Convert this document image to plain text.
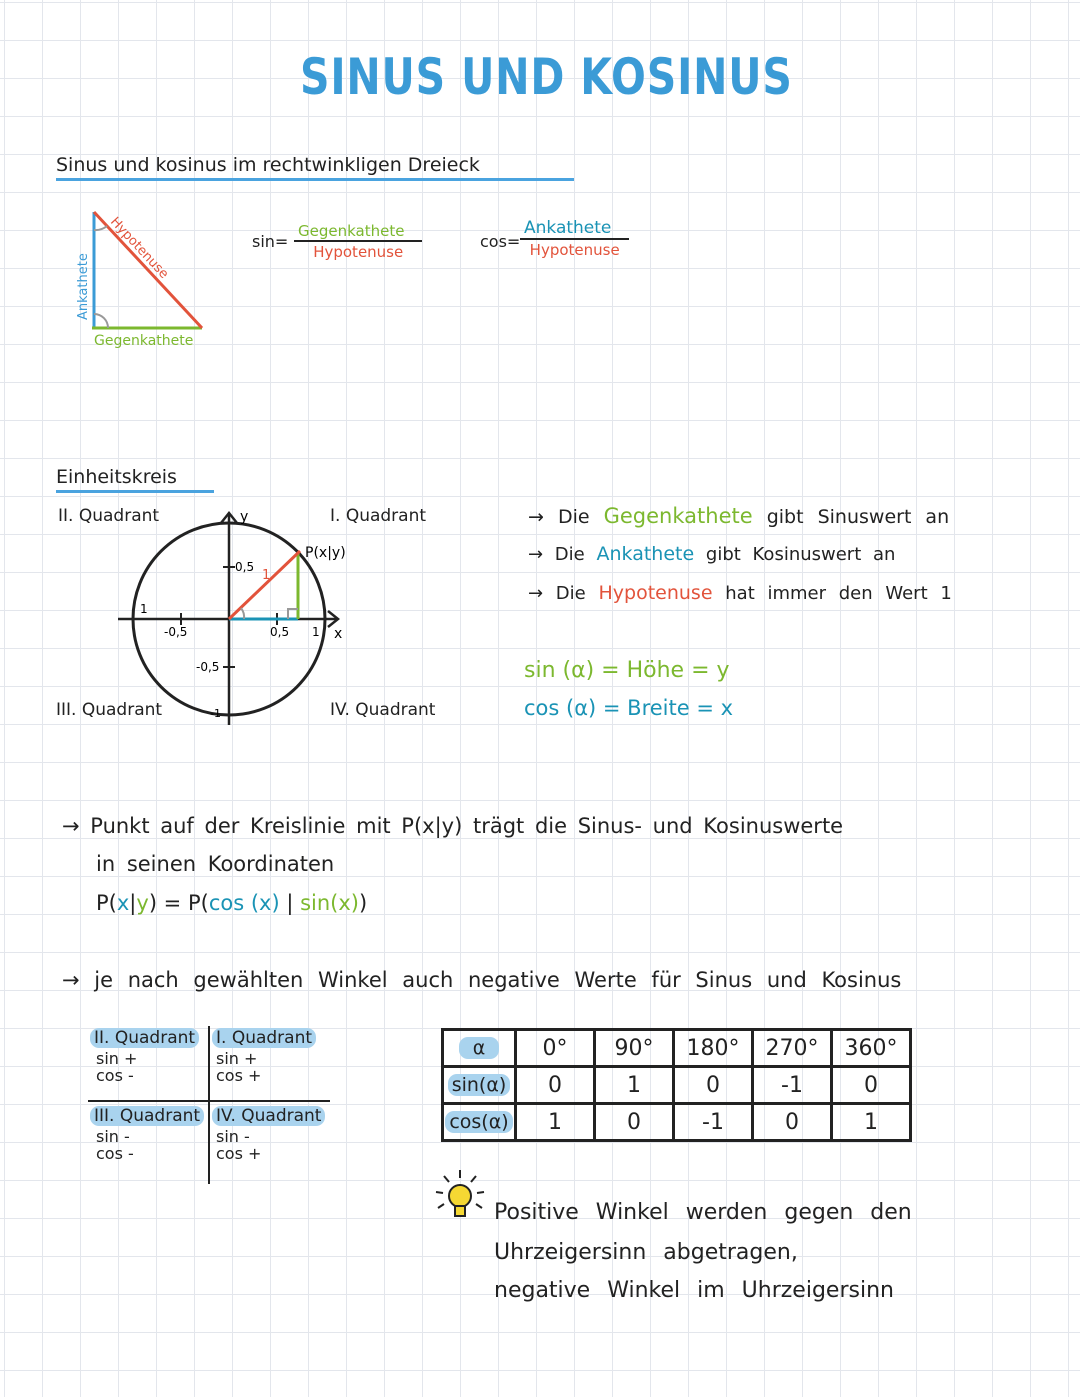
SINUS UND KOSINUS
Sinus und kosinus im rechtwinkligen Dreieck
Ankathete
Hypotenuse
Gegenkathete
sin=
Gegenkathete
Hypotenuse
cos=
Ankathete
Hypotenuse
Einheitskreis
II. Quadrant	I. Quadrant
III. Quadrant	IV. Quadrant
y
x
0,5
-0,5
-1
0,5
-0,5	1
1
1
P(x|y)
→ Die Gegenkathete gibt Sinuswert an
→ Die Ankathete gibt Kosinuswert an
→ Die Hypotenuse hat immer den Wert 1
sin (α) = Höhe = y
cos (α) = Breite = x
→ Punkt auf der Kreislinie mit P(x|y) trägt die Sinus- und Kosinuswerte
in seinen Koordinaten
P(x|y) = P(cos (x) | sin(x))
→ je nach gewählten Winkel auch negative Werte für Sinus und Kosinus
II. Quadrant
sin +
cos -
I. Quadrant
sin +
cos +
III. Quadrant
sin -
cos -
IV. Quadrant
sin -
cos +
α	0°	90°	180°	270°	360°
sin(α)	0	1	0	-1	0
cos(α)	1	0	-1	0	1
Positive Winkel werden gegen den
Uhrzeigersinn abgetragen,
negative Winkel im Uhrzeigersinn
